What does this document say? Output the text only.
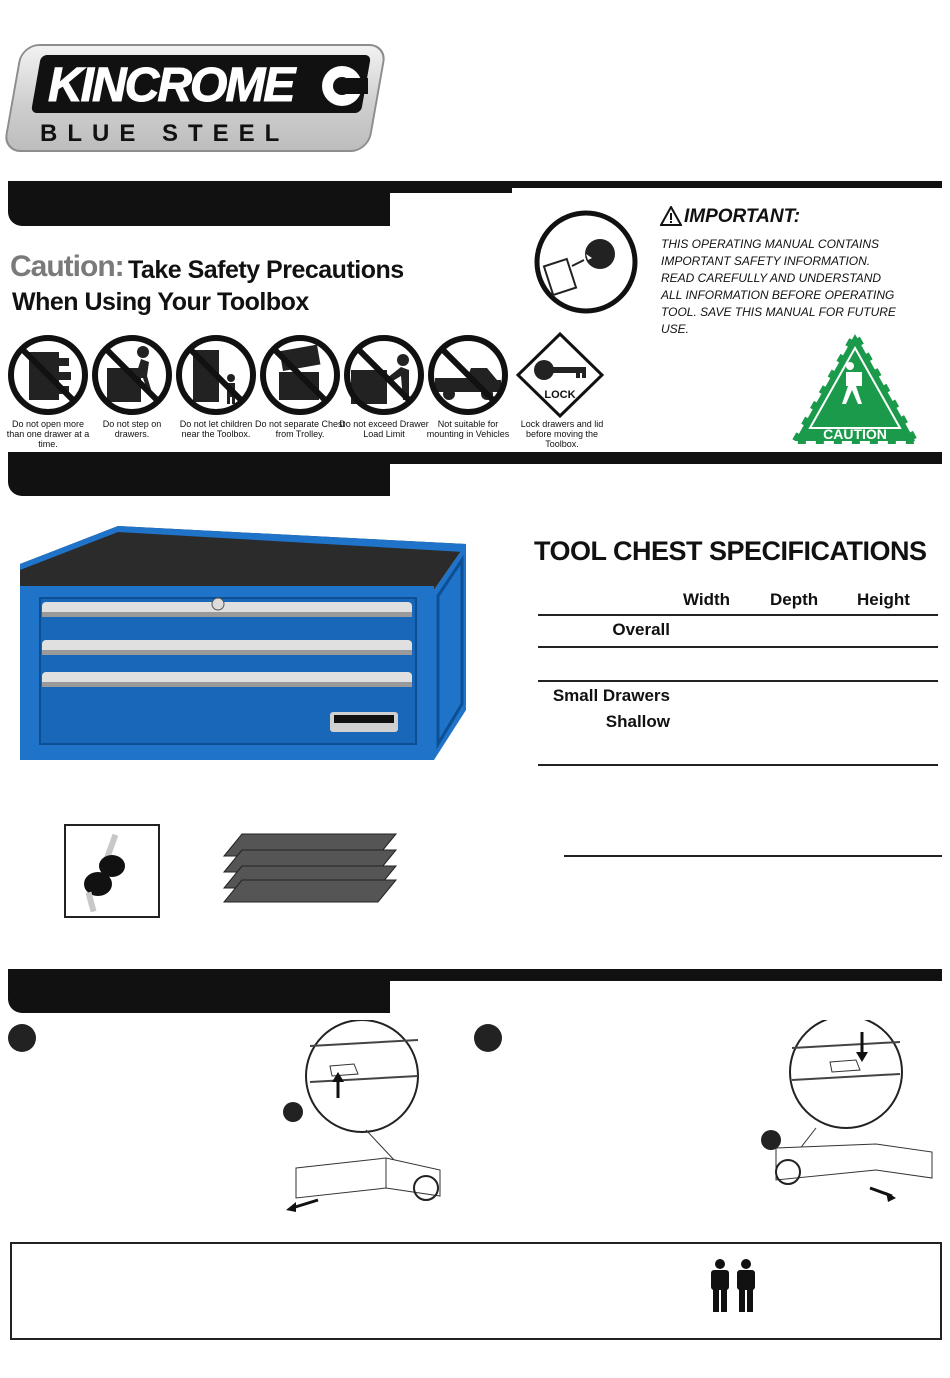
KINCROME
BLUE STEEL
Caution: Take Safety Precautions
When Using Your Toolbox
LOCK
Do not open more than one drawer at a time.
Do not step on drawers.
Do not let children near the Toolbox.
Do not separate Chest from Trolley.
Do not exceed Drawer Load Limit
Not suitable for mounting in Vehicles
Lock drawers and lid before moving the Toolbox.
IMPORTANT:
THIS OPERATING MANUAL CONTAINS IMPORTANT SAFETY INFORMATION. READ CAREFULLY AND UNDERSTAND ALL INFORMATION BEFORE OPERATING TOOL. SAVE THIS MANUAL FOR FUTURE USE.
CAUTION
TOOL CHEST SPECIFICATIONS
Width Depth Height
Overall
Small Drawers
Shallow
